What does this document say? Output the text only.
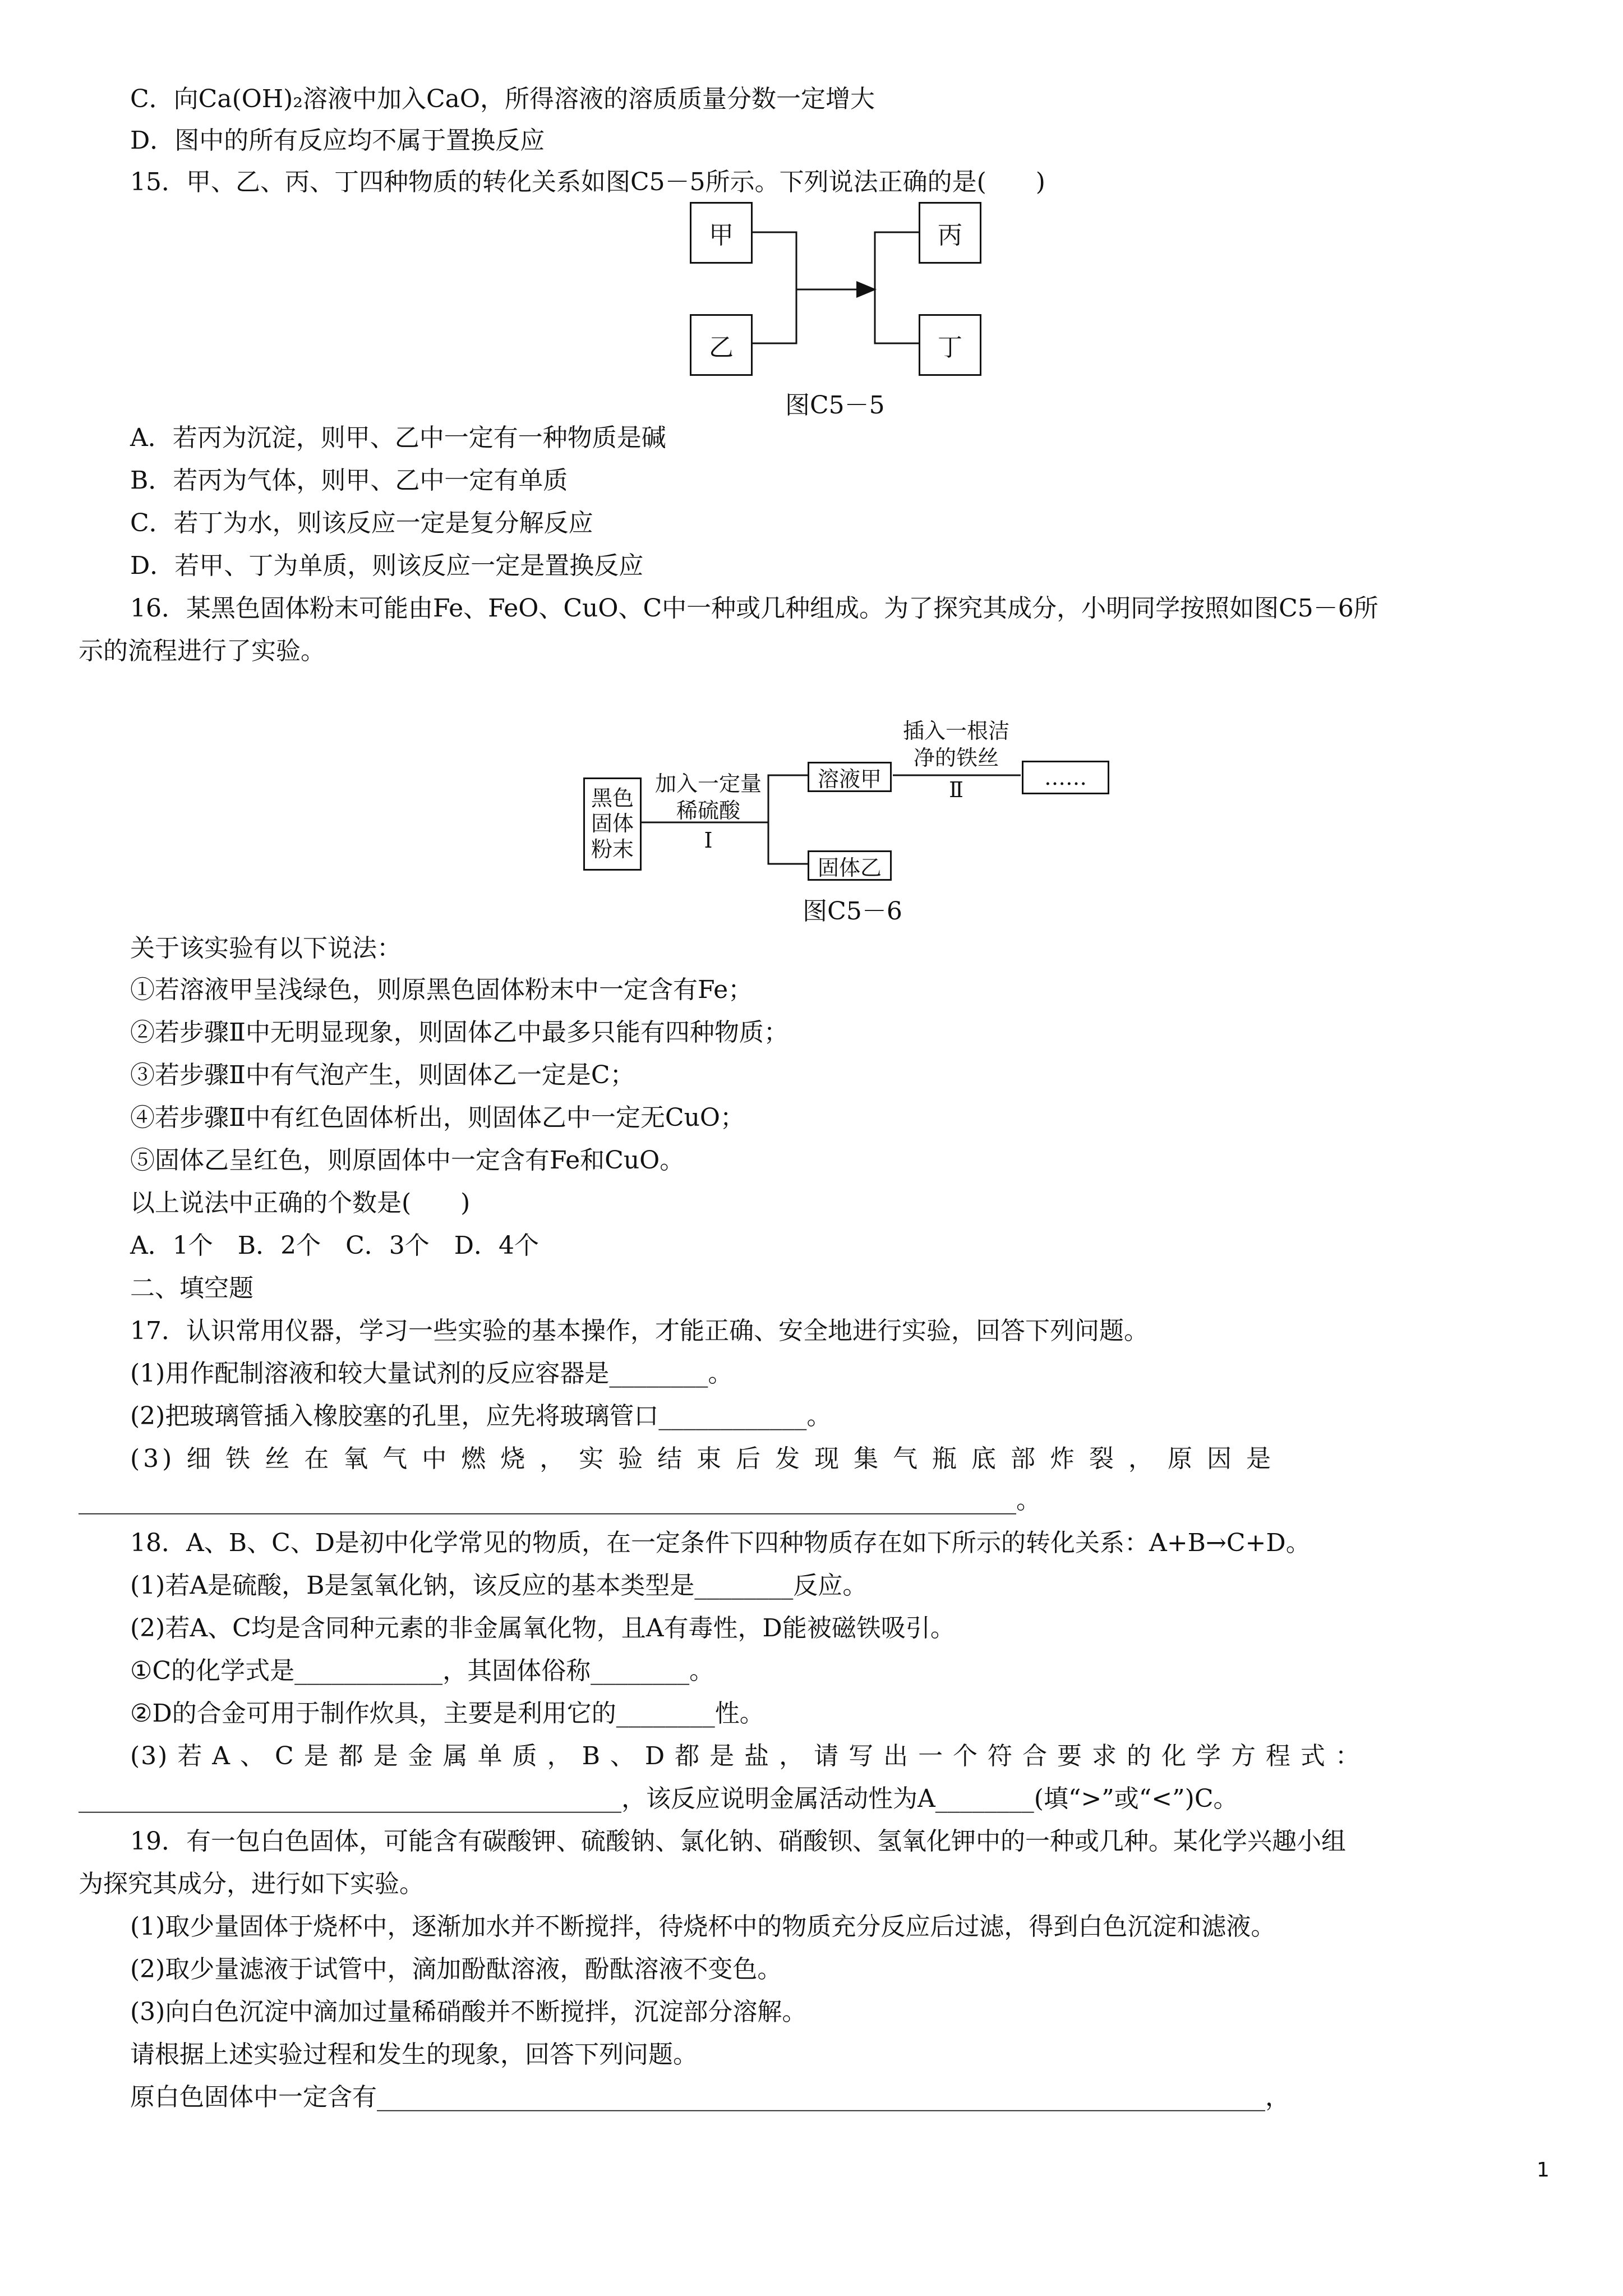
C．向Ca(OH)₂溶液中加入CaO，所得溶液的溶质质量分数一定增大
D．图中的所有反应均不属于置换反应
15．甲、乙、丙、丁四种物质的转化关系如图C5－5所示。下列说法正确的是(　　)
甲
乙
丙
丁
图C5－5
A．若丙为沉淀，则甲、乙中一定有一种物质是碱
B．若丙为气体，则甲、乙中一定有单质
C．若丁为水，则该反应一定是复分解反应
D．若甲、丁为单质，则该反应一定是置换反应
16．某黑色固体粉末可能由Fe、FeO、CuO、C中一种或几种组成。为了探究其成分，小明同学按照如图C5－6所
示的流程进行了实验。
黑色
固体
粉末
加入一定量
稀硫酸
Ⅰ
溶液甲
固体乙
插入一根洁
净的铁丝
Ⅱ	……
图C5－6
关于该实验有以下说法：
①若溶液甲呈浅绿色，则原黑色固体粉末中一定含有Fe；
②若步骤Ⅱ中无明显现象，则固体乙中最多只能有四种物质；
③若步骤Ⅱ中有气泡产生，则固体乙一定是C；
④若步骤Ⅱ中有红色固体析出，则固体乙中一定无CuO；
⑤固体乙呈红色，则原固体中一定含有Fe和CuO。
以上说法中正确的个数是(　　)
A．1个　B．2个　C．3个　D．4个
二、填空题
17．认识常用仪器，学习一些实验的基本操作，才能正确、安全地进行实验，回答下列问题。
(1)用作配制溶液和较大量试剂的反应容器是________。
(2)把玻璃管插入橡胶塞的孔里，应先将玻璃管口____________。
(3) 细 铁 丝 在 氧 气 中 燃 烧 ， 实 验 结 束 后 发 现 集 气 瓶 底 部 炸 裂 ， 原 因 是
____________________________________________________________________________。
18．A、B、C、D是初中化学常见的物质，在一定条件下四种物质存在如下所示的转化关系：A+B→C+D。
(1)若A是硫酸，B是氢氧化钠，该反应的基本类型是________反应。
(2)若A、C均是含同种元素的非金属氧化物，且A有毒性，D能被磁铁吸引。
①C的化学式是____________，其固体俗称________。
②D的合金可用于制作炊具，主要是利用它的________性。
(3) 若 A 、 C 是 都 是 金 属 单 质 ， B 、 D 都 是 盐 ， 请 写 出 一 个 符 合 要 求 的 化 学 方 程 式 ：
____________________________________________，该反应说明金属活动性为A________(填“>”或“<”)C。
19．有一包白色固体，可能含有碳酸钾、硫酸钠、氯化钠、硝酸钡、氢氧化钾中的一种或几种。某化学兴趣小组
为探究其成分，进行如下实验。
(1)取少量固体于烧杯中，逐渐加水并不断搅拌，待烧杯中的物质充分反应后过滤，得到白色沉淀和滤液。
(2)取少量滤液于试管中，滴加酚酞溶液，酚酞溶液不变色。
(3)向白色沉淀中滴加过量稀硝酸并不断搅拌，沉淀部分溶解。
请根据上述实验过程和发生的现象，回答下列问题。
原白色固体中一定含有________________________________________________________________________，
1
